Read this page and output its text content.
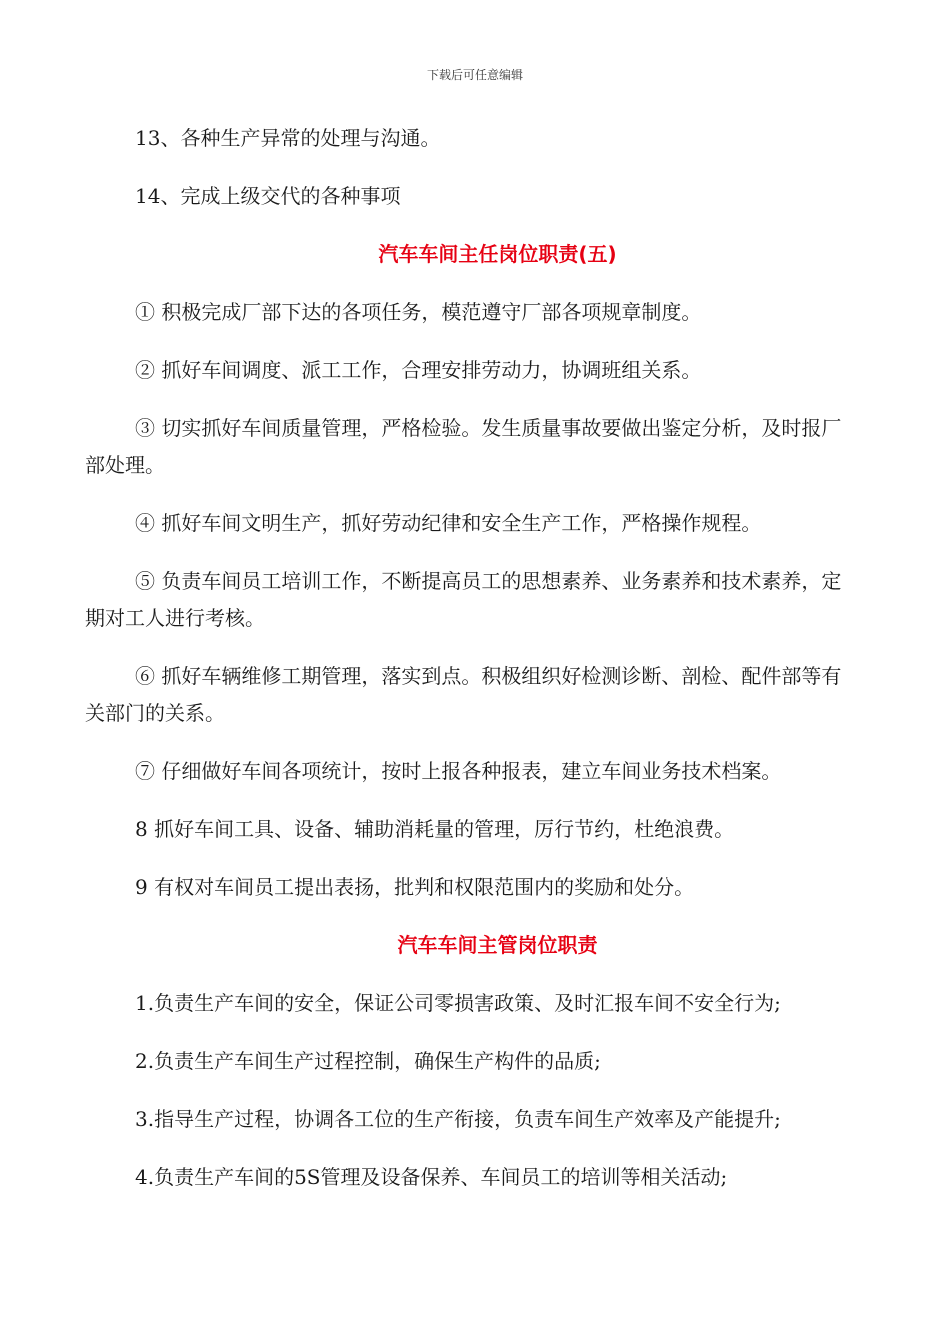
下载后可任意编辑

13、各种生产异常的处理与沟通。

14、完成上级交代的各种事项

汽车车间主任岗位职责(五)

① 积极完成厂部下达的各项任务，模范遵守厂部各项规章制度。

② 抓好车间调度、派工工作，合理安排劳动力，协调班组关系。

③ 切实抓好车间质量管理，严格检验。发生质量事故要做出鉴定分析，及时报厂部处理。

④ 抓好车间文明生产，抓好劳动纪律和安全生产工作，严格操作规程。

⑤ 负责车间员工培训工作，不断提高员工的思想素养、业务素养和技术素养，定期对工人进行考核。

⑥ 抓好车辆维修工期管理，落实到点。积极组织好检测诊断、剖检、配件部等有关部门的关系。

⑦ 仔细做好车间各项统计，按时上报各种报表，建立车间业务技术档案。

8 抓好车间工具、设备、辅助消耗量的管理，厉行节约，杜绝浪费。

9 有权对车间员工提出表扬，批判和权限范围内的奖励和处分。

汽车车间主管岗位职责

1.负责生产车间的安全，保证公司零损害政策、及时汇报车间不安全行为;

2.负责生产车间生产过程控制，确保生产构件的品质;

3.指导生产过程，协调各工位的生产衔接，负责车间生产效率及产能提升;

4.负责生产车间的5S管理及设备保养、车间员工的培训等相关活动;
